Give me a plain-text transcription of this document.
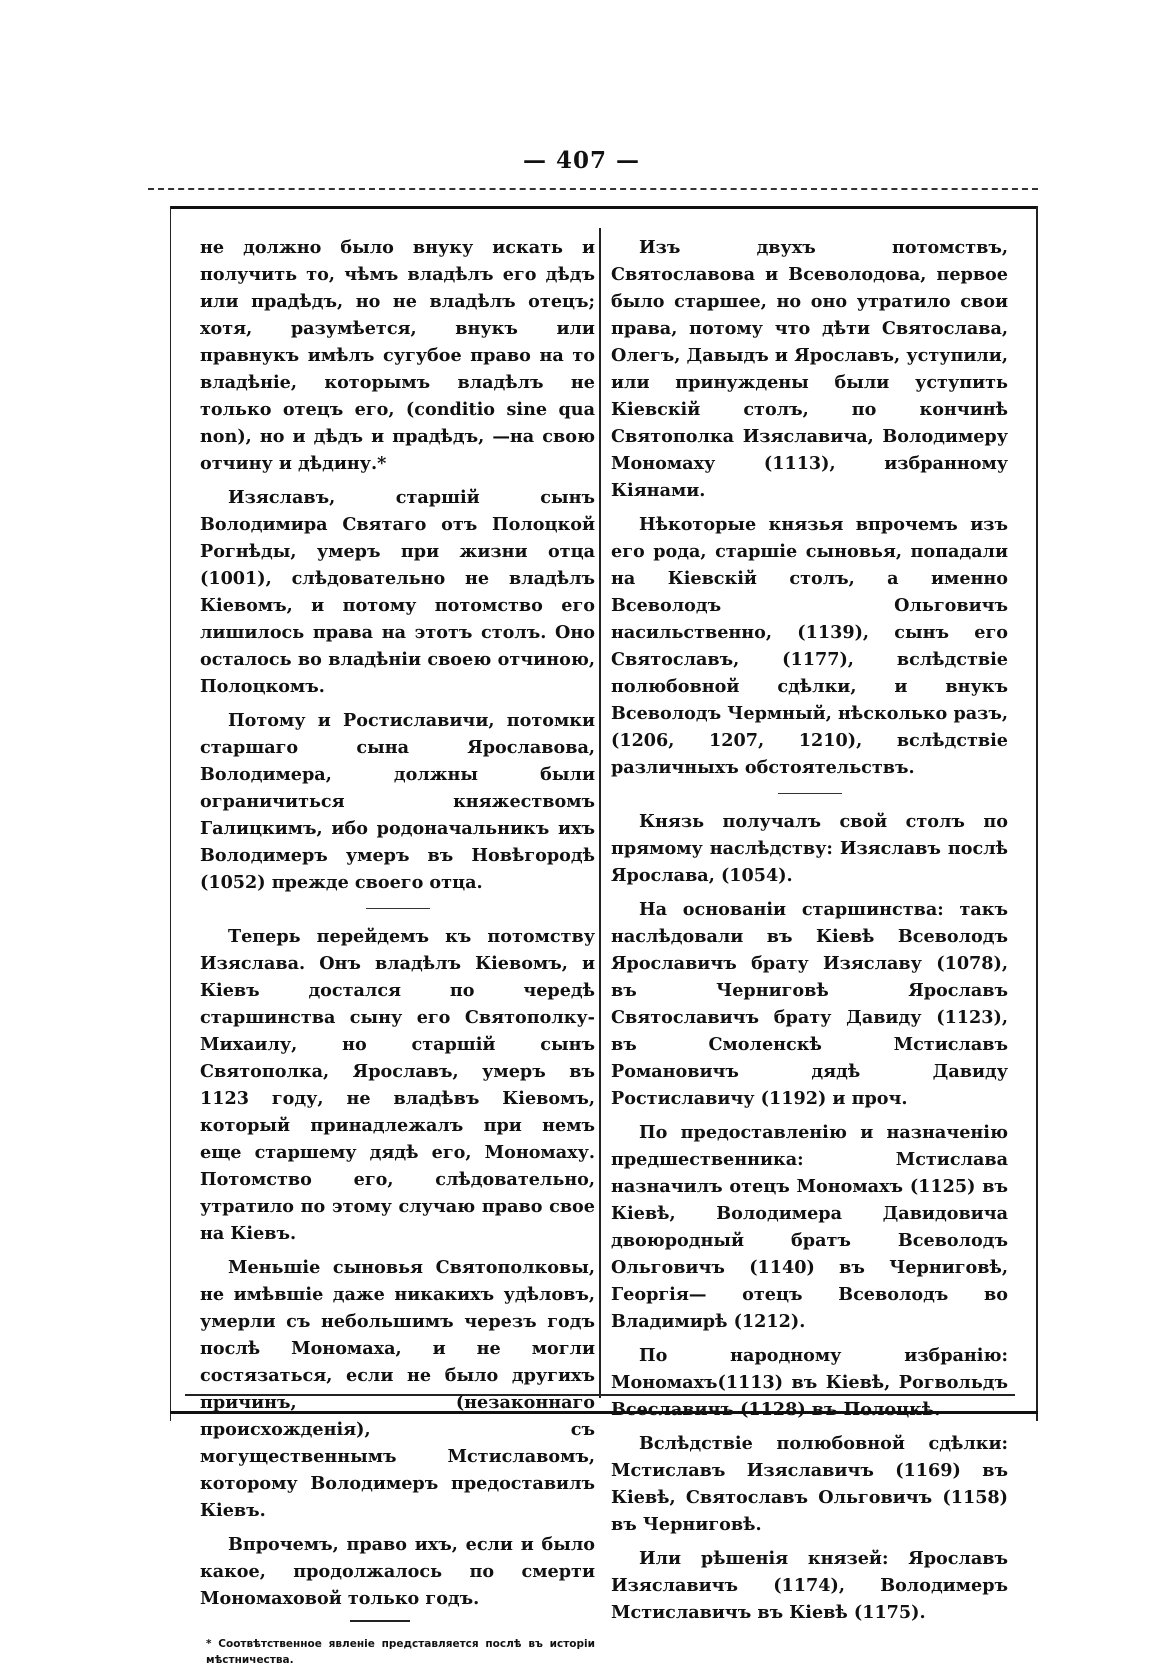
— 407 —

не должно было внуку искать и получить то, чѣмъ владѣлъ его дѣдъ или прадѣдъ, но не владѣлъ отецъ; хотя, разумѣется, внукъ или правнукъ имѣлъ сугубое право на то владѣніе, которымъ владѣлъ не только отецъ его, (conditio sine qua non), но и дѣдъ и прадѣдъ, —на свою отчину и дѣдину.*

Изяславъ, старшій сынъ Володимира Святаго отъ Полоцкой Рогнѣды, умеръ при жизни отца (1001), слѣдовательно не владѣлъ Кіевомъ, и потому потомство его лишилось права на этотъ столъ. Оно осталось во владѣніи своею отчиною, Полоцкомъ.

Потому и Ростиславичи, потомки старшаго сына Ярославова, Володимера, должны были ограничиться княжествомъ Галицкимъ, ибо родоначальникъ ихъ Володимеръ умеръ въ Новѣгородѣ (1052) прежде своего отца.

Теперь перейдемъ къ потомству Изяслава. Онъ владѣлъ Кіевомъ, и Кіевъ достался по чередѣ старшинства сыну его Святополку-Михаилу, но старшій сынъ Святополка, Ярославъ, умеръ въ 1123 году, не владѣвъ Кіевомъ, который принадлежалъ при немъ еще старшему дядѣ его, Мономаху. Потомство его, слѣдовательно, утратило по этому случаю право свое на Кіевъ.

Меньшіе сыновья Святополковы, не имѣвшіе даже никакихъ удѣловъ, умерли съ небольшимъ черезъ годъ послѣ Мономаха, и не могли состязаться, если не было другихъ причинъ, (незаконнаго происхожденія), съ могущественнымъ Мстиславомъ, которому Володимеръ предоставилъ Кіевъ.

Впрочемъ, право ихъ, если и было какое, продолжалось по смерти Мономаховой только годъ.

* Соотвѣтственное явленіе представляется послѣ въ исторіи мѣстничества.

Изъ двухъ потомствъ, Святославова и Всеволодова, первое было старшее, но оно утратило свои права, потому что дѣти Святослава, Олегъ, Давыдъ и Ярославъ, уступили, или принуждены были уступить Кіевскій столъ, по кончинѣ Святополка Изяславича, Володимеру Мономаху (1113), избранному Кіянами.

Нѣкоторые князья впрочемъ изъ его рода, старшіе сыновья, попадали на Кіевскій столъ, а именно Всеволодъ Ольговичъ насильственно, (1139), сынъ его Святославъ, (1177), вслѣдствіе полюбовной сдѣлки, и внукъ Всеволодъ Чермный, нѣсколько разъ, (1206, 1207, 1210), вслѣдствіе различныхъ обстоятельствъ.

Князь получалъ свой столъ по прямому наслѣдству: Изяславъ послѣ Ярослава, (1054).

На основаніи старшинства: такъ наслѣдовали въ Кіевѣ Всеволодъ Ярославичъ брату Изяславу (1078), въ Черниговѣ Ярославъ Святославичъ брату Давиду (1123), въ Смоленскѣ Мстиславъ Романовичъ дядѣ Давиду Ростиславичу (1192) и проч.

По предоставленію и назначенію предшественника: Мстислава назначилъ отецъ Мономахъ (1125) въ Кіевѣ, Володимера Давидовича двоюродный братъ Всеволодъ Ольговичъ (1140) въ Черниговѣ, Георгія— отецъ Всеволодъ во Владимирѣ (1212).

По народному избранію: Мономахъ(1113) въ Кіевѣ, Рогвольдъ Всеславичъ (1128) въ Полоцкѣ.

Вслѣдствіе полюбовной сдѣлки: Мстиславъ Изяславичъ (1169) въ Кіевѣ, Святославъ Ольговичъ (1158) въ Черниговѣ.

Или рѣшенія князей: Ярославъ Изяславичъ (1174), Володимеръ Мстиславичъ въ Кіевѣ (1175).
